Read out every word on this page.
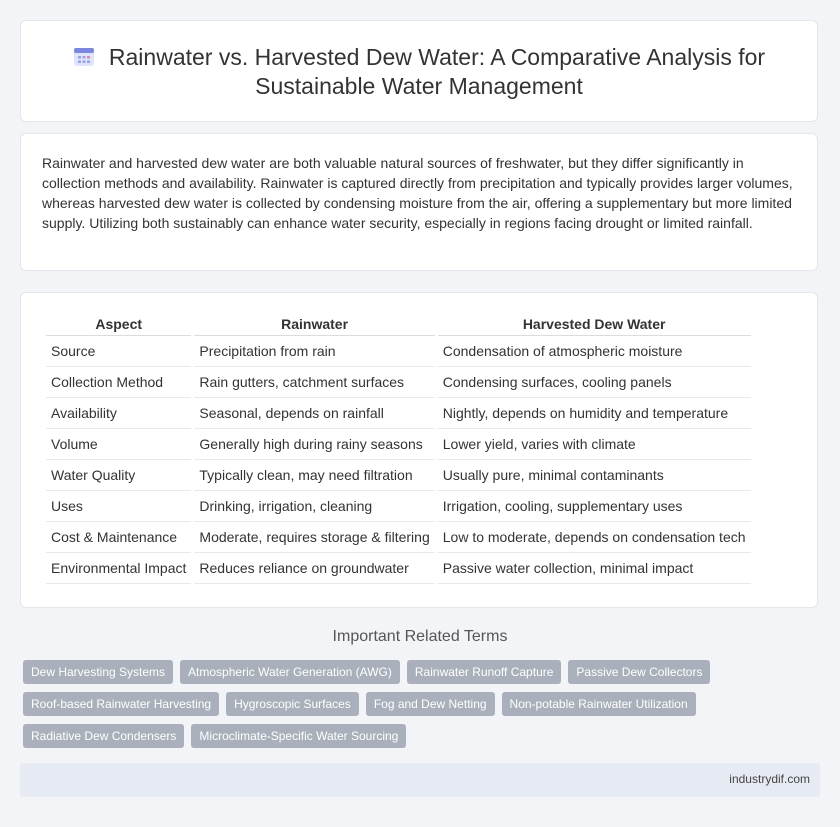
Rainwater vs. Harvested Dew Water: A Comparative Analysis for Sustainable Water Management
Rainwater and harvested dew water are both valuable natural sources of freshwater, but they differ significantly in collection methods and availability. Rainwater is captured directly from precipitation and typically provides larger volumes, whereas harvested dew water is collected by condensing moisture from the air, offering a supplementary but more limited supply. Utilizing both sustainably can enhance water security, especially in regions facing drought or limited rainfall.
Aspect	Rainwater	Harvested Dew Water
Source	Precipitation from rain	Condensation of atmospheric moisture
Collection Method	Rain gutters, catchment surfaces	Condensing surfaces, cooling panels
Availability	Seasonal, depends on rainfall	Nightly, depends on humidity and temperature
Volume	Generally high during rainy seasons	Lower yield, varies with climate
Water Quality	Typically clean, may need filtration	Usually pure, minimal contaminants
Uses	Drinking, irrigation, cleaning	Irrigation, cooling, supplementary uses
Cost & Maintenance	Moderate, requires storage & filtering	Low to moderate, depends on condensation tech
Environmental Impact	Reduces reliance on groundwater	Passive water collection, minimal impact
Important Related Terms
Dew Harvesting Systems	Atmospheric Water Generation (AWG)	Rainwater Runoff Capture	Passive Dew Collectors
Roof-based Rainwater Harvesting	Hygroscopic Surfaces	Fog and Dew Netting	Non-potable Rainwater Utilization
Radiative Dew Condensers	Microclimate-Specific Water Sourcing
industrydif.com
